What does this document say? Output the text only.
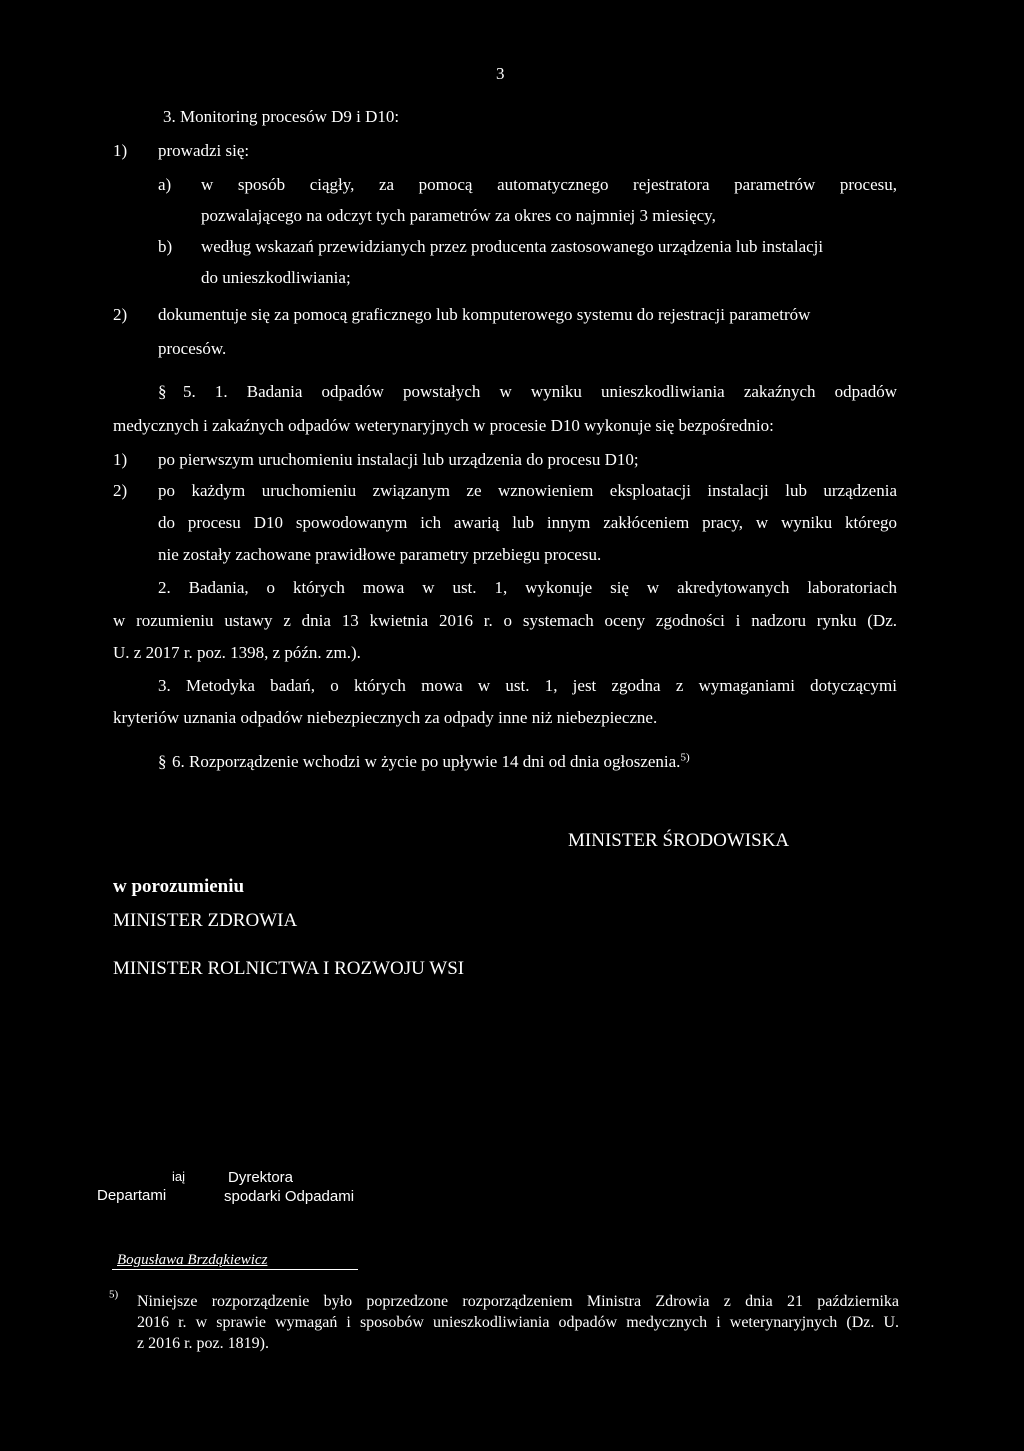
3
3. Monitoring procesów D9 i D10:
1) prowadzi się:
a) w sposób ciągły, za pomocą automatycznego rejestratora parametrów procesu,
pozwalającego na odczyt tych parametrów za okres co najmniej 3 miesięcy,
b) według wskazań przewidzianych przez producenta zastosowanego urządzenia lub instalacji
do unieszkodliwiania;
2) dokumentuje się za pomocą graficznego lub komputerowego systemu do rejestracji parametrów
procesów.
§ 5. 1. Badania odpadów powstałych w wyniku unieszkodliwiania zakaźnych odpadów
medycznych i zakaźnych odpadów weterynaryjnych w procesie D10 wykonuje się bezpośrednio:
1) po pierwszym uruchomieniu instalacji lub urządzenia do procesu D10;
2) po każdym uruchomieniu związanym ze wznowieniem eksploatacji instalacji lub urządzenia
do procesu D10 spowodowanym ich awarią lub innym zakłóceniem pracy, w wyniku którego
nie zostały zachowane prawidłowe parametry przebiegu procesu.
2. Badania, o których mowa w ust. 1, wykonuje się w akredytowanych laboratoriach
w rozumieniu ustawy z dnia 13 kwietnia 2016 r. o systemach oceny zgodności i nadzoru rynku (Dz.
U. z 2017 r. poz. 1398, z późn. zm.).
3. Metodyka badań, o których mowa w ust. 1, jest zgodna z wymaganiami dotyczącymi
kryteriów uznania odpadów niebezpiecznych za odpady inne niż niebezpieczne.
§ 6. Rozporządzenie wchodzi w życie po upływie 14 dni od dnia ogłoszenia.$^{5)}$
MINISTER ŚRODOWISKA
w porozumieniu
MINISTER ZDROWIA
MINISTER ROLNICTWA I ROZWOJU WSI
iaį
Departami
Dyrektora
spodarki Odpadami
Bogusława Brzdąkiewicz
$^{5)}$ Niniejsze rozporządzenie było poprzedzone rozporządzeniem Ministra Zdrowia z dnia 21 października
2016 r. w sprawie wymagań i sposobów unieszkodliwiania odpadów medycznych i weterynaryjnych (Dz. U.
z 2016 r. poz. 1819).
